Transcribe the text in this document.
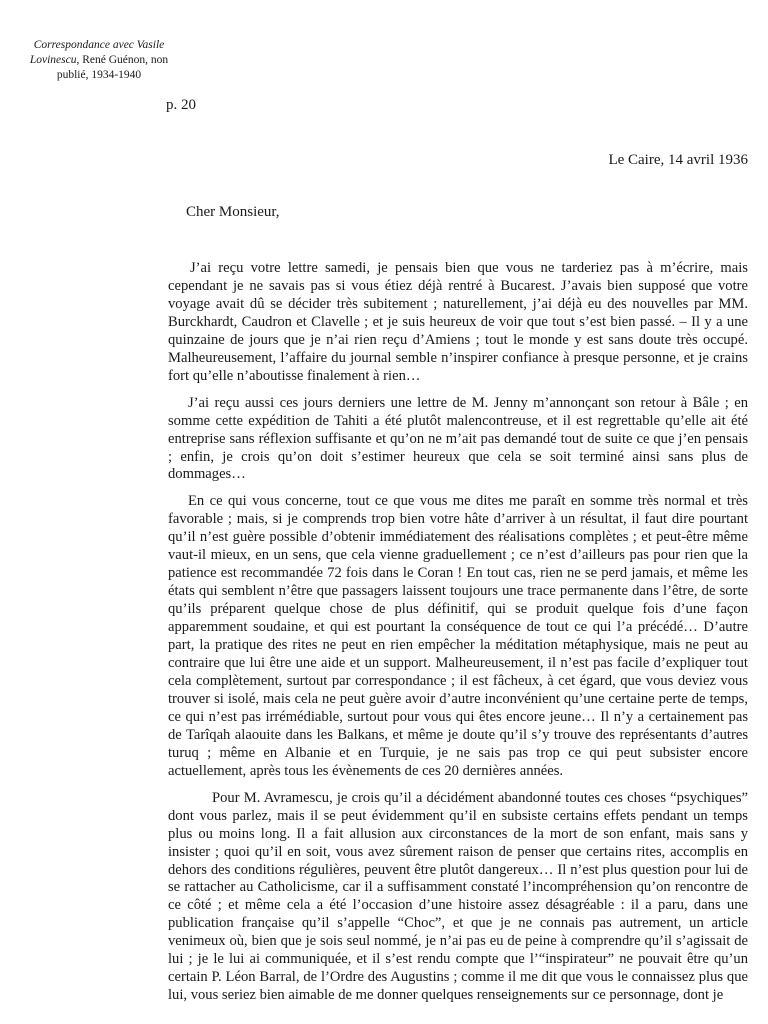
Correspondance avec Vasile Lovinescu, René Guénon, non publié, 1934-1940
p. 20
Le Caire, 14 avril 1936
Cher Monsieur,

J’ai reçu votre lettre samedi, je pensais bien que vous ne tarderiez pas à m’écrire, mais cependant je ne savais pas si vous étiez déjà rentré à Bucarest. J’avais bien supposé que votre voyage avait dû se décider très subitement ; naturellement, j’ai déjà eu des nouvelles par MM. Burckhardt, Caudron et Clavelle ; et je suis heureux de voir que tout s’est bien passé. – Il y a une quinzaine de jours que je n’ai rien reçu d’Amiens ; tout le monde y est sans doute très occupé. Malheureusement, l’affaire du journal semble n’inspirer confiance à presque personne, et je crains fort qu’elle n’aboutisse finalement à rien…

J’ai reçu aussi ces jours derniers une lettre de M. Jenny m’annonçant son retour à Bâle ; en somme cette expédition de Tahiti a été plutôt malencontreuse, et il est regrettable qu’elle ait été entreprise sans réflexion suffisante et qu’on ne m’ait pas demandé tout de suite ce que j’en pensais ; enfin, je crois qu’on doit s’estimer heureux que cela se soit terminé ainsi sans plus de dommages…

En ce qui vous concerne, tout ce que vous me dites me paraît en somme très normal et très favorable ; mais, si je comprends trop bien votre hâte d’arriver à un résultat, il faut dire pourtant qu’il n’est guère possible d’obtenir immédiatement des réalisations complètes ; et peut-être même vaut-il mieux, en un sens, que cela vienne graduellement ; ce n’est d’ailleurs pas pour rien que la patience est recommandée 72 fois dans le Coran ! En tout cas, rien ne se perd jamais, et même les états qui semblent n’être que passagers laissent toujours une trace permanente dans l’être, de sorte qu’ils préparent quelque chose de plus définitif, qui se produit quelque fois d’une façon apparemment soudaine, et qui est pourtant la conséquence de tout ce qui l’a précédé… D’autre part, la pratique des rites ne peut en rien empêcher la méditation métaphysique, mais ne peut au contraire que lui être une aide et un support. Malheureusement, il n’est pas facile d’expliquer tout cela complètement, surtout par correspondance ; il est fâcheux, à cet égard, que vous deviez vous trouver si isolé, mais cela ne peut guère avoir d’autre inconvénient qu’une certaine perte de temps, ce qui n’est pas irrémédiable, surtout pour vous qui êtes encore jeune… Il n’y a certainement pas de Tarîqah alaouite dans les Balkans, et même je doute qu’il s’y trouve des représentants d’autres turuq ; même en Albanie et en Turquie, je ne sais pas trop ce qui peut subsister encore actuellement, après tous les évènements de ces 20 dernières années.

Pour M. Avramescu, je crois qu’il a décidément abandonné toutes ces choses “psychiques” dont vous parlez, mais il se peut évidemment qu’il en subsiste certains effets pendant un temps plus ou moins long. Il a fait allusion aux circonstances de la mort de son enfant, mais sans y insister ; quoi qu’il en soit, vous avez sûrement raison de penser que certains rites, accomplis en dehors des conditions régulières, peuvent être plutôt dangereux… Il n’est plus question pour lui de se rattacher au Catholicisme, car il a suffisamment constaté l’incompréhension qu’on rencontre de ce côté ; et même cela a été l’occasion d’une histoire assez désagréable : il a paru, dans une publication française qu’il s’appelle “Choc”, et que je ne connais pas autrement, un article venimeux où, bien que je sois seul nommé, je n’ai pas eu de peine à comprendre qu’il s’agissait de lui ; je le lui ai communiquée, et il s’est rendu compte que l’“inspirateur” ne pouvait être qu’un certain P. Léon Barral, de l’Ordre des Augustins ; comme il me dit que vous le connaissez plus que lui, vous seriez bien aimable de me donner quelques renseignements sur ce personnage, dont je
